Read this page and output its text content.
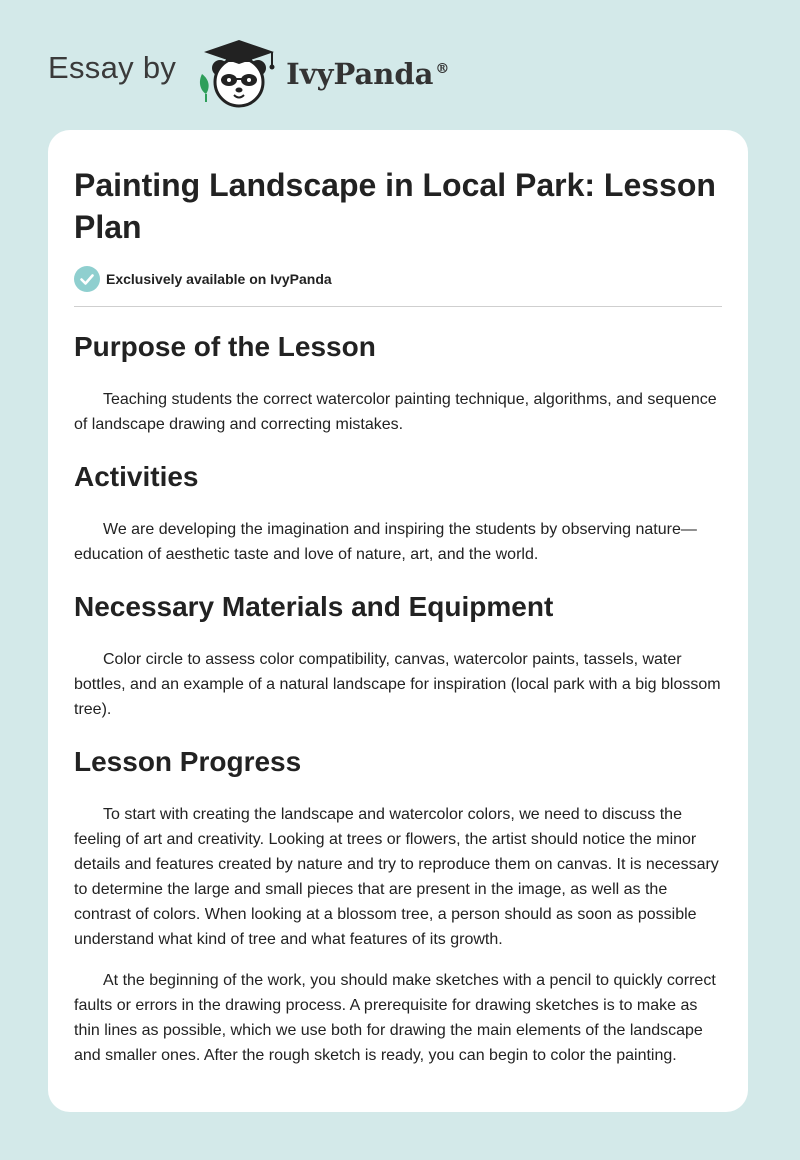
Essay by	IvyPanda ®
Painting Landscape in Local Park: Lesson Plan
Exclusively available on IvyPanda
Purpose of the Lesson

Teaching students the correct watercolor painting technique, algorithms, and sequence of landscape drawing and correcting mistakes.

Activities

We are developing the imagination and inspiring the students by observing nature—education of aesthetic taste and love of nature, art, and the world.

Necessary Materials and Equipment

Color circle to assess color compatibility, canvas, watercolor paints, tassels, water bottles, and an example of a natural landscape for inspiration (local park with a big blossom tree).

Lesson Progress

To start with creating the landscape and watercolor colors, we need to discuss the feeling of art and creativity. Looking at trees or flowers, the artist should notice the minor details and features created by nature and try to reproduce them on canvas. It is necessary to determine the large and small pieces that are present in the image, as well as the contrast of colors. When looking at a blossom tree, a person should as soon as possible understand what kind of tree and what features of its growth.

At the beginning of the work, you should make sketches with a pencil to quickly correct faults or errors in the drawing process. A prerequisite for drawing sketches is to make as thin lines as possible, which we use both for drawing the main elements of the landscape and smaller ones. After the rough sketch is ready, you can begin to color the painting.
